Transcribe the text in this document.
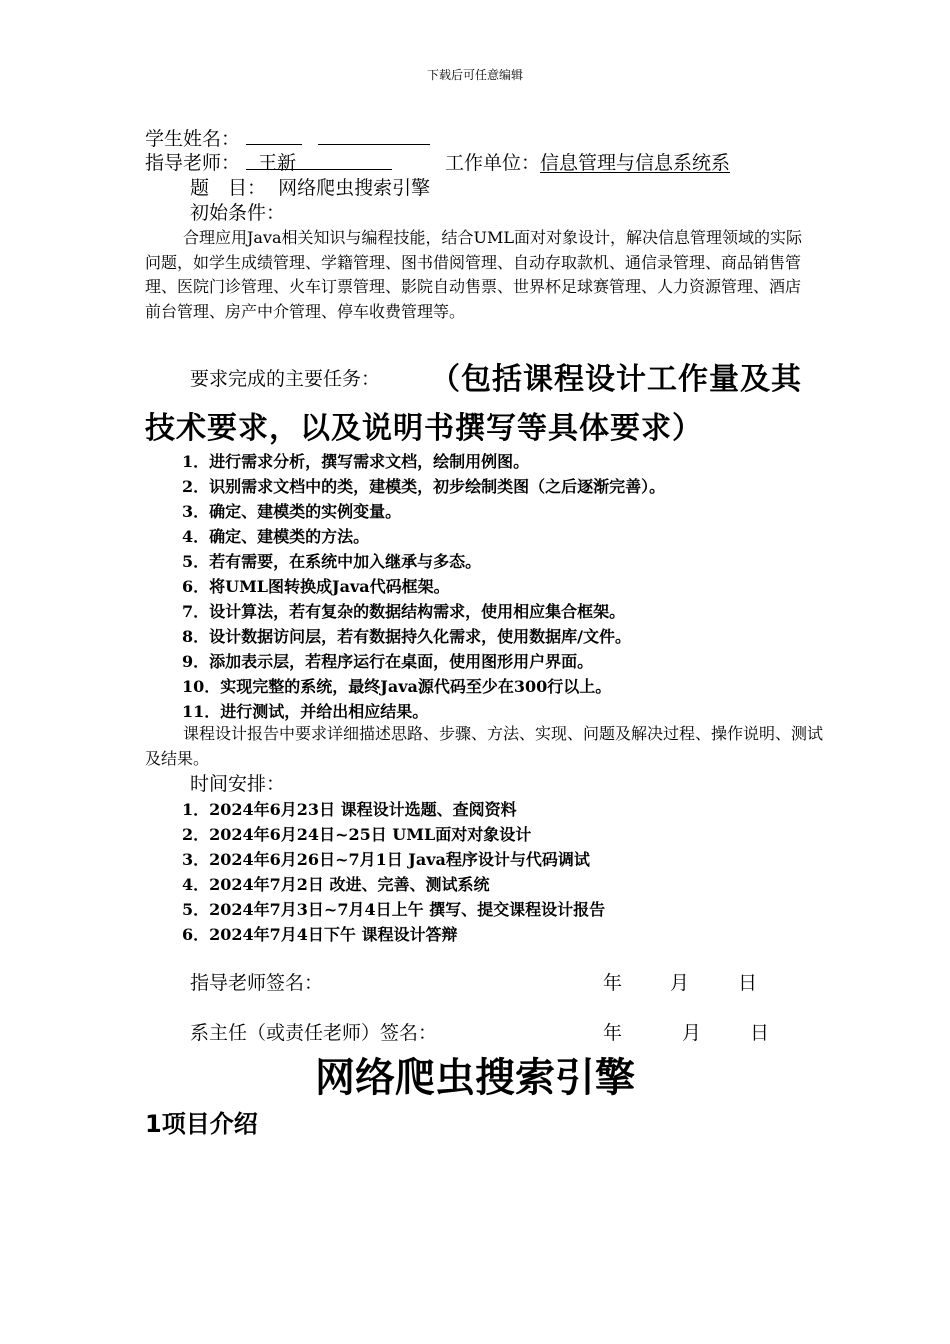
下载后可任意编辑
学生姓名：
指导老师： 王新	工作单位：信息管理与信息系统系
题　目： 网络爬虫搜索引擎
初始条件：
合理应用Java相关知识与编程技能，结合UML面对对象设计，解决信息管理领域的实际问题，如学生成绩管理、学籍管理、图书借阅管理、自动存取款机、通信录管理、商品销售管理、医院门诊管理、火车订票管理、影院自动售票、世界杯足球赛管理、人力资源管理、酒店前台管理、房产中介管理、停车收费管理等。
要求完成的主要任务： （包括课程设计工作量及其
技术要求，以及说明书撰写等具体要求）
1．进行需求分析，撰写需求文档，绘制用例图。
2．识别需求文档中的类，建模类，初步绘制类图（之后逐渐完善）。
3．确定、建模类的实例变量。
4．确定、建模类的方法。
5．若有需要，在系统中加入继承与多态。
6．将UML图转换成Java代码框架。
7．设计算法，若有复杂的数据结构需求，使用相应集合框架。
8．设计数据访问层，若有数据持久化需求，使用数据库/文件。
9．添加表示层，若程序运行在桌面，使用图形用户界面。
10．实现完整的系统，最终Java源代码至少在300行以上。
11．进行测试，并给出相应结果。
课程设计报告中要求详细描述思路、步骤、方法、实现、问题及解决过程、操作说明、测试及结果。
时间安排：
1．2024年6月23日 课程设计选题、查阅资料
2．2024年6月24日~25日 UML面对对象设计
3．2024年6月26日~7月1日 Java程序设计与代码调试
4．2024年7月2日 改进、完善、测试系统
5．2024年7月3日~7月4日上午 撰写、提交课程设计报告
6．2024年7月4日下午 课程设计答辩
指导老师签名：	年	月	日
系主任（或责任老师）签名：	年	月	日
网络爬虫搜索引擎
1项目介绍
